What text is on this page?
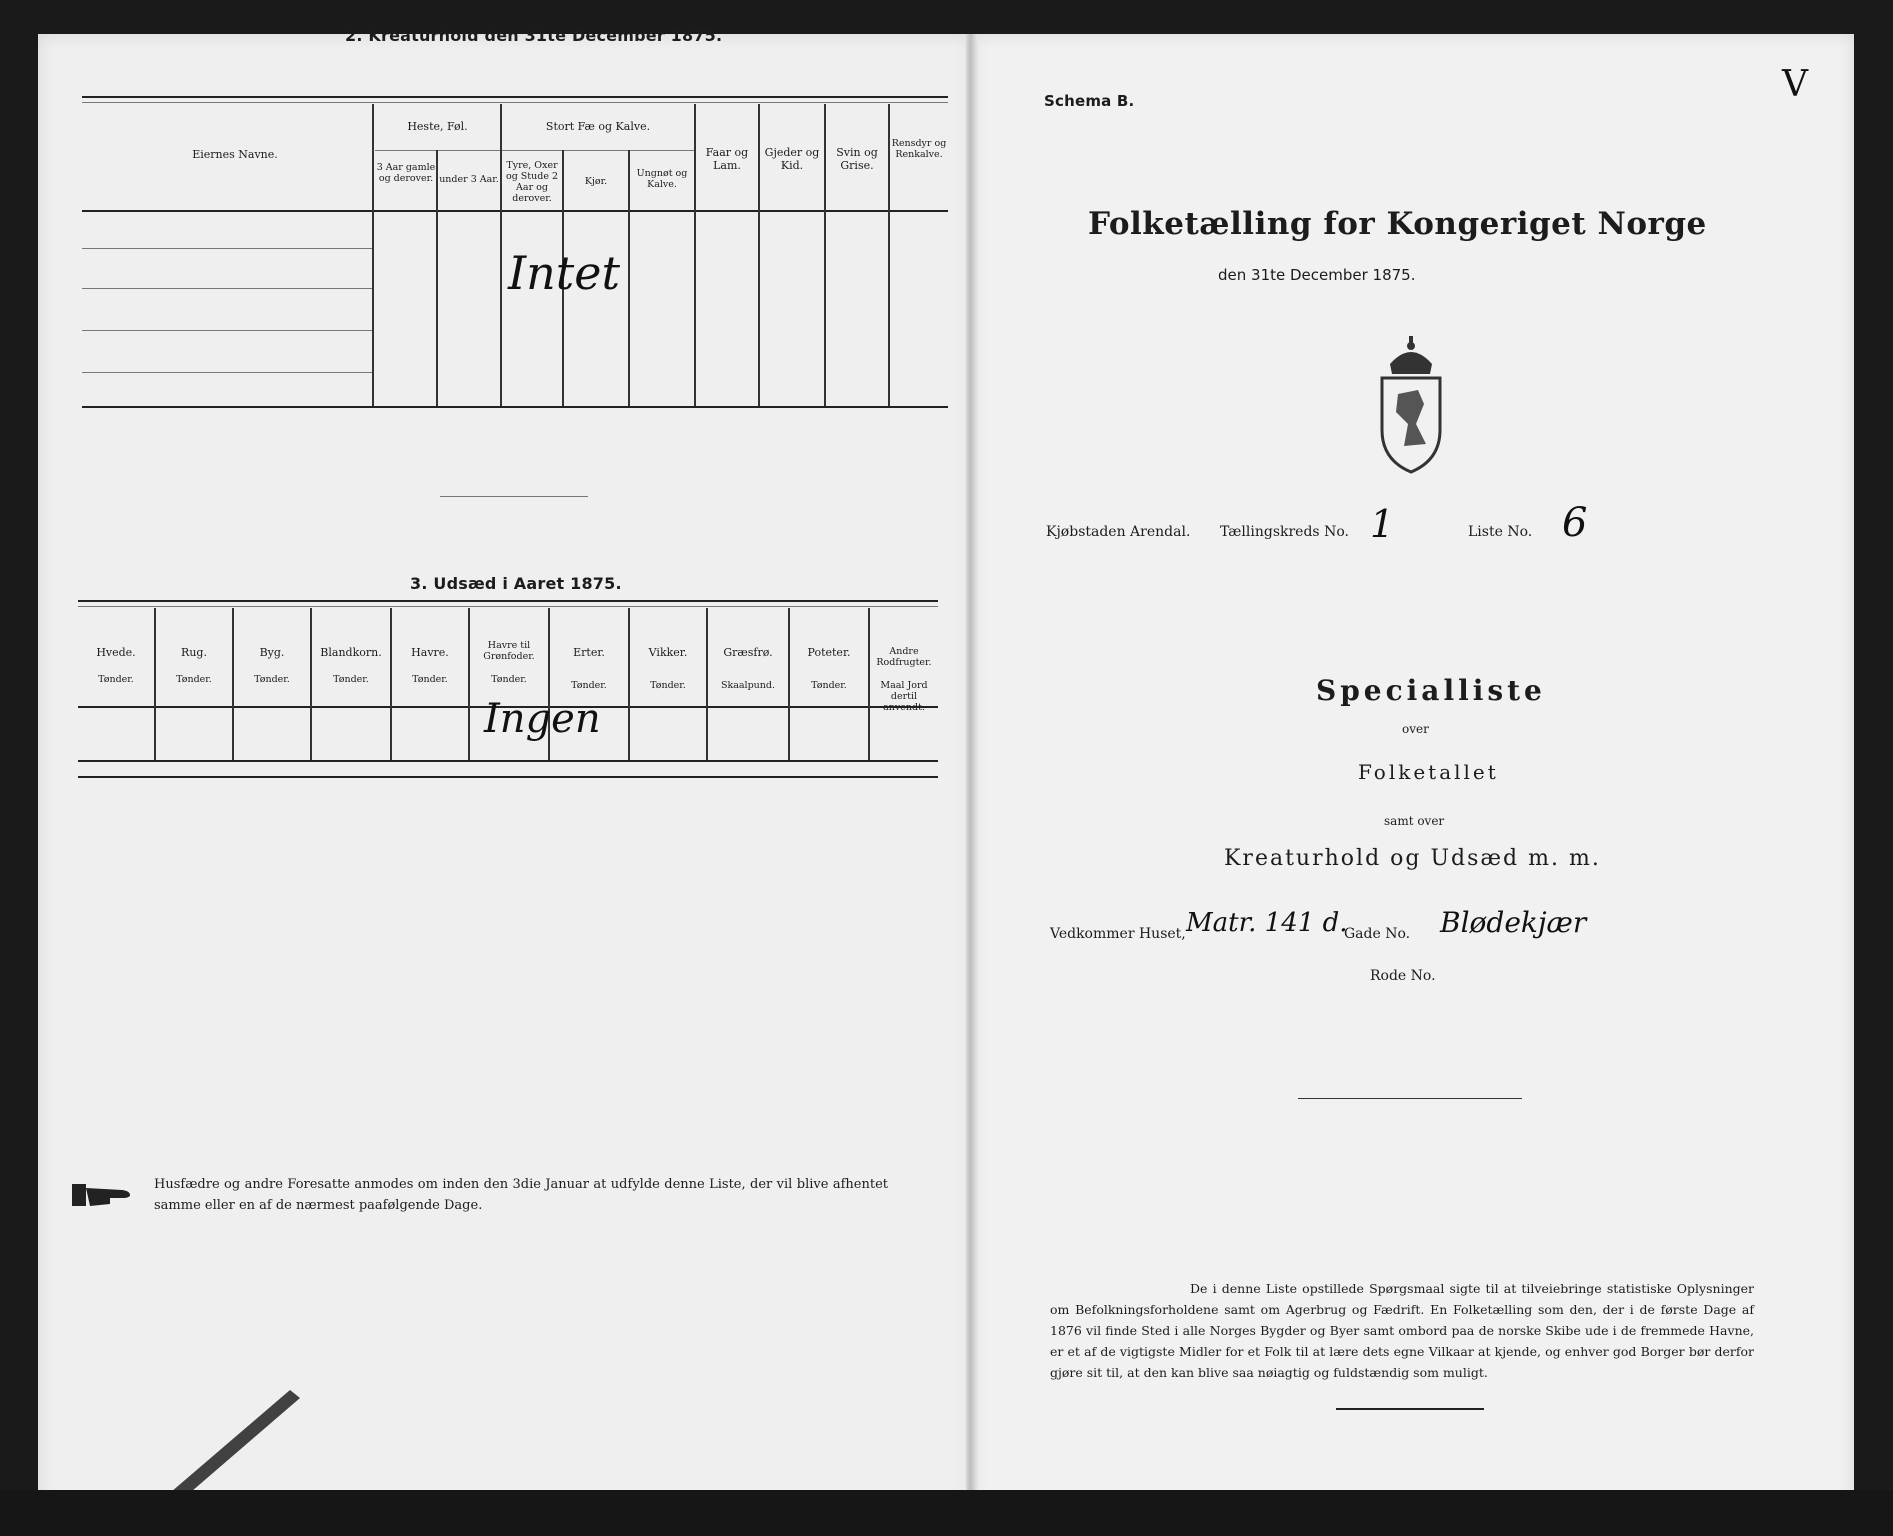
2. Kreaturhold den 31te December 1875.
Eiernes Navne.
Heste, Føl.
3 Aar gamle og derover. under 3 Aar.
Stort Fæ og Kalve.
Tyre, Oxer og Stude 2 Aar og derover.
Kjør.
Ungnøt og Kalve.
Faar og Lam.
Gjeder og Kid.
Svin og Grise.
Rensdyr og Renkalve.
Intet
3. Udsæd i Aaret 1875.
Hvede.
Tønder.
Rug.
Tønder.
Byg.
Tønder.
Blandkorn.
Tønder.
Havre.
Tønder.
Havre til Grønfoder.
Tønder.
Erter.
Tønder.
Vikker.
Tønder.
Græsfrø.
Skaalpund.
Poteter.
Tønder.
Andre Rodfrugter.
Maal Jord dertil anvendt.
Ingen
Husfædre og andre Foresatte anmodes om inden den 3die Januar at udfylde denne Liste, der vil blive afhentet samme eller en af de nærmest paafølgende Dage.
Schema B.	V
Folketælling for Kongeriget Norge
den 31te December 1875.
Kjøbstaden Arendal. Tællingskreds No. 1	Liste No. 6
Specialliste
over
Folketallet
samt over
Kreaturhold og Udsæd m. m.
Vedkommer Huset, Matr. 141 d.
Gade No. Blødekjær
Rode No.
De i denne Liste opstillede Spørgsmaal sigte til at tilveiebringe statistiske Oplysninger om Befolkningsforholdene samt om Agerbrug og Fædrift. En Folketælling som den, der i de første Dage af 1876 vil finde Sted i alle Norges Bygder og Byer samt ombord paa de norske Skibe ude i de fremmede Havne, er et af de vigtigste Midler for et Folk til at lære dets egne Vilkaar at kjende, og enhver god Borger bør derfor gjøre sit til, at den kan blive saa nøiagtig og fuldstændig som muligt.
